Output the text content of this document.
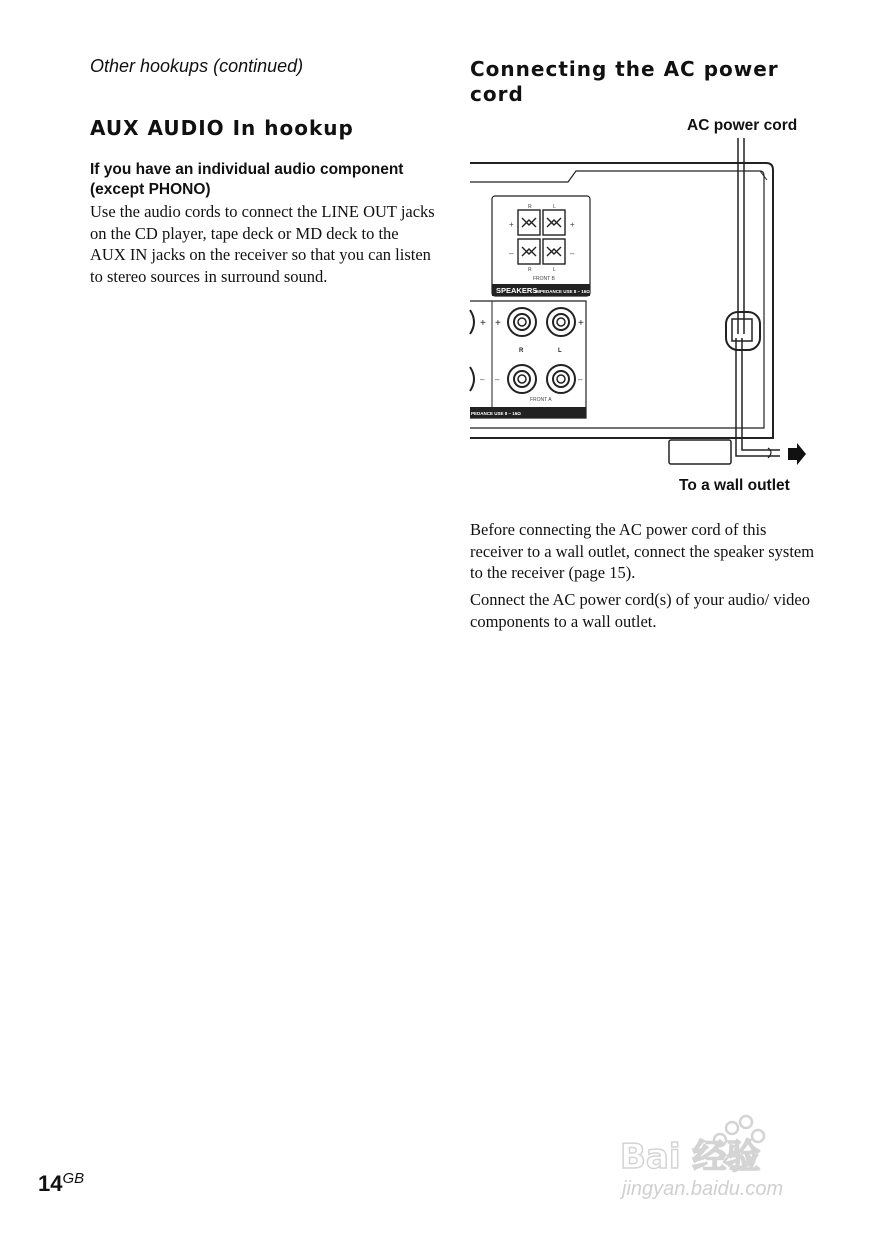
Other hookups (continued)
AUX AUDIO In hookup
If you have an individual audio component (except PHONO)
Use the audio cords to connect the LINE OUT jacks on the CD player, tape deck or MD deck to the AUX IN jacks on the receiver so that you can listen to stereo sources in surround sound.
Connecting the AC power cord
AC power cord
SPEAKERS
IMPEDANCE USE 8 – 16Ω
R	L
+	+
–	–
R	L
FRONT B
PEDANCE USE 8 – 16Ω
+ +	+
– –	–
R	L
FRONT A
To a wall outlet
Before connecting the AC power cord of this receiver to a wall outlet, connect the speaker system to the receiver (page 15).
Connect the AC power cord(s) of your audio/ video components to a wall outlet.
$14^{GB}$
Bai 经验
jingyan.baidu.com
